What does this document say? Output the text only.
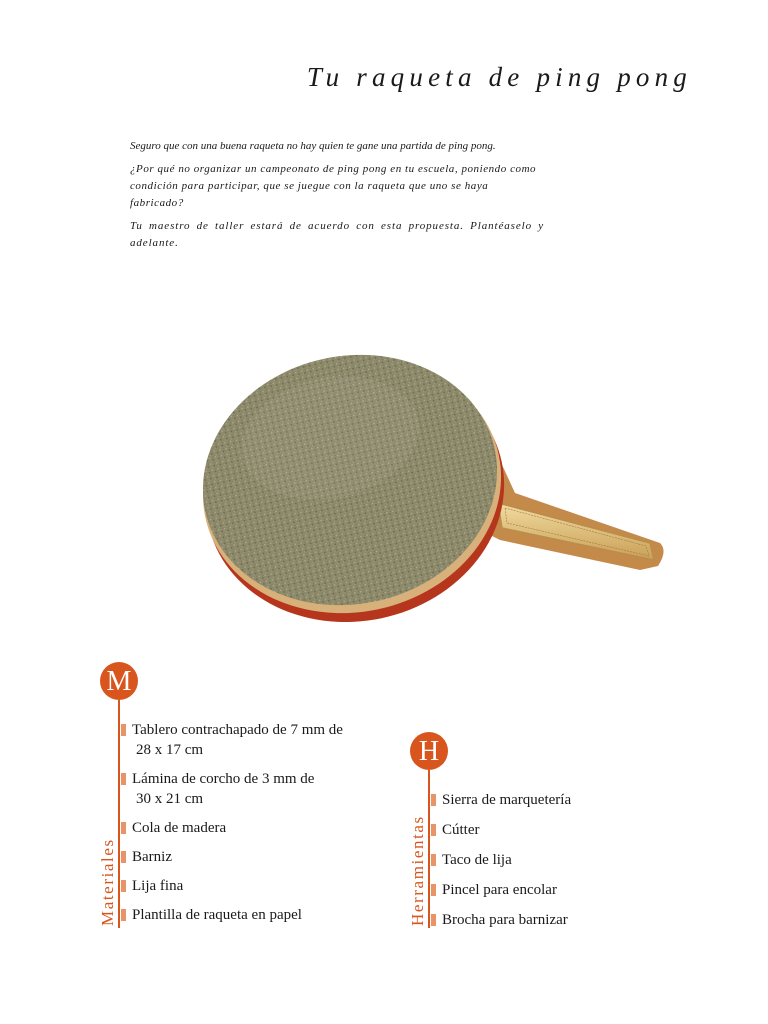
Tu raqueta de ping pong

Seguro que con una buena raqueta no hay quien te gane una partida de ping pong.

¿Por qué no organizar un campeonato de ping pong en tu escuela, poniendo como condición para participar, que se juegue con la raqueta que uno se haya fabricado?

Tu maestro de taller estará de acuerdo con esta propuesta. Plantéaselo y adelante.

M
Materiales
Tablero contrachapado de 7 mm de
28 x 17 cm
Lámina de corcho de 3 mm de
30 x 21 cm
Cola de madera
Barniz
Lija fina
Plantilla de raqueta en papel
H
Herramientas
Sierra de marquetería
Cútter
Taco de lija
Pincel para encolar
Brocha para barnizar
